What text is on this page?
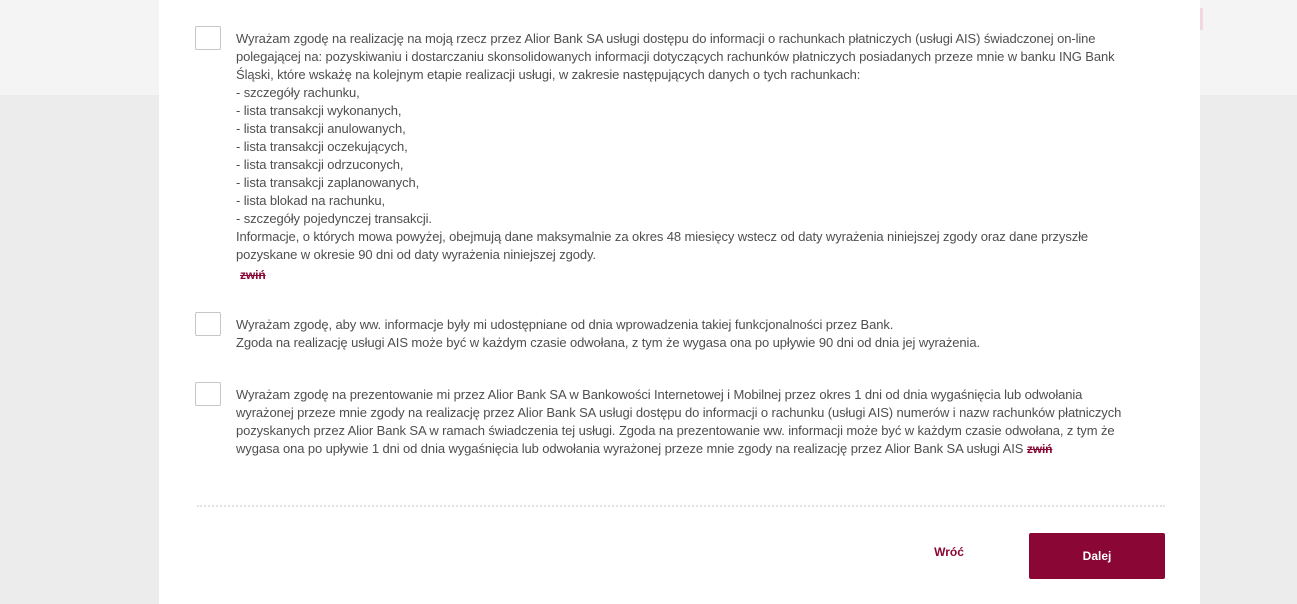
Wyrażam zgodę na realizację na moją rzecz przez Alior Bank SA usługi dostępu do informacji o rachunkach płatniczych (usługi AIS) świadczonej on-line

polegającej na: pozyskiwaniu i dostarczaniu skonsolidowanych informacji dotyczących rachunków płatniczych posiadanych przeze mnie w banku ING Bank

Śląski, które wskażę na kolejnym etapie realizacji usługi, w zakresie następujących danych o tych rachunkach:

- szczegóły rachunku,

- lista transakcji wykonanych,

- lista transakcji anulowanych,

- lista transakcji oczekujących,

- lista transakcji odrzuconych,

- lista transakcji zaplanowanych,

- lista blokad na rachunku,

- szczegóły pojedynczej transakcji.

Informacje, o których mowa powyżej, obejmują dane maksymalnie za okres 48 miesięcy wstecz od daty wyrażenia niniejszej zgody oraz dane przyszłe

pozyskane w okresie 90 dni od daty wyrażenia niniejszej zgody.

zwiń

Wyrażam zgodę, aby ww. informacje były mi udostępniane od dnia wprowadzenia takiej funkcjonalności przez Bank.

Zgoda na realizację usługi AIS może być w każdym czasie odwołana, z tym że wygasa ona po upływie 90 dni od dnia jej wyrażenia.

Wyrażam zgodę na prezentowanie mi przez Alior Bank SA w Bankowości Internetowej i Mobilnej przez okres 1 dni od dnia wygaśnięcia lub odwołania

wyrażonej przeze mnie zgody na realizację przez Alior Bank SA usługi dostępu do informacji o rachunku (usługi AIS) numerów i nazw rachunków płatniczych

pozyskanych przez Alior Bank SA w ramach świadczenia tej usługi. Zgoda na prezentowanie ww. informacji może być w każdym czasie odwołana, z tym że

wygasa ona po upływie 1 dni od dnia wygaśnięcia lub odwołania wyrażonej przeze mnie zgody na realizację przez Alior Bank SA usługi AIS zwiń

Wróć	Dalej
